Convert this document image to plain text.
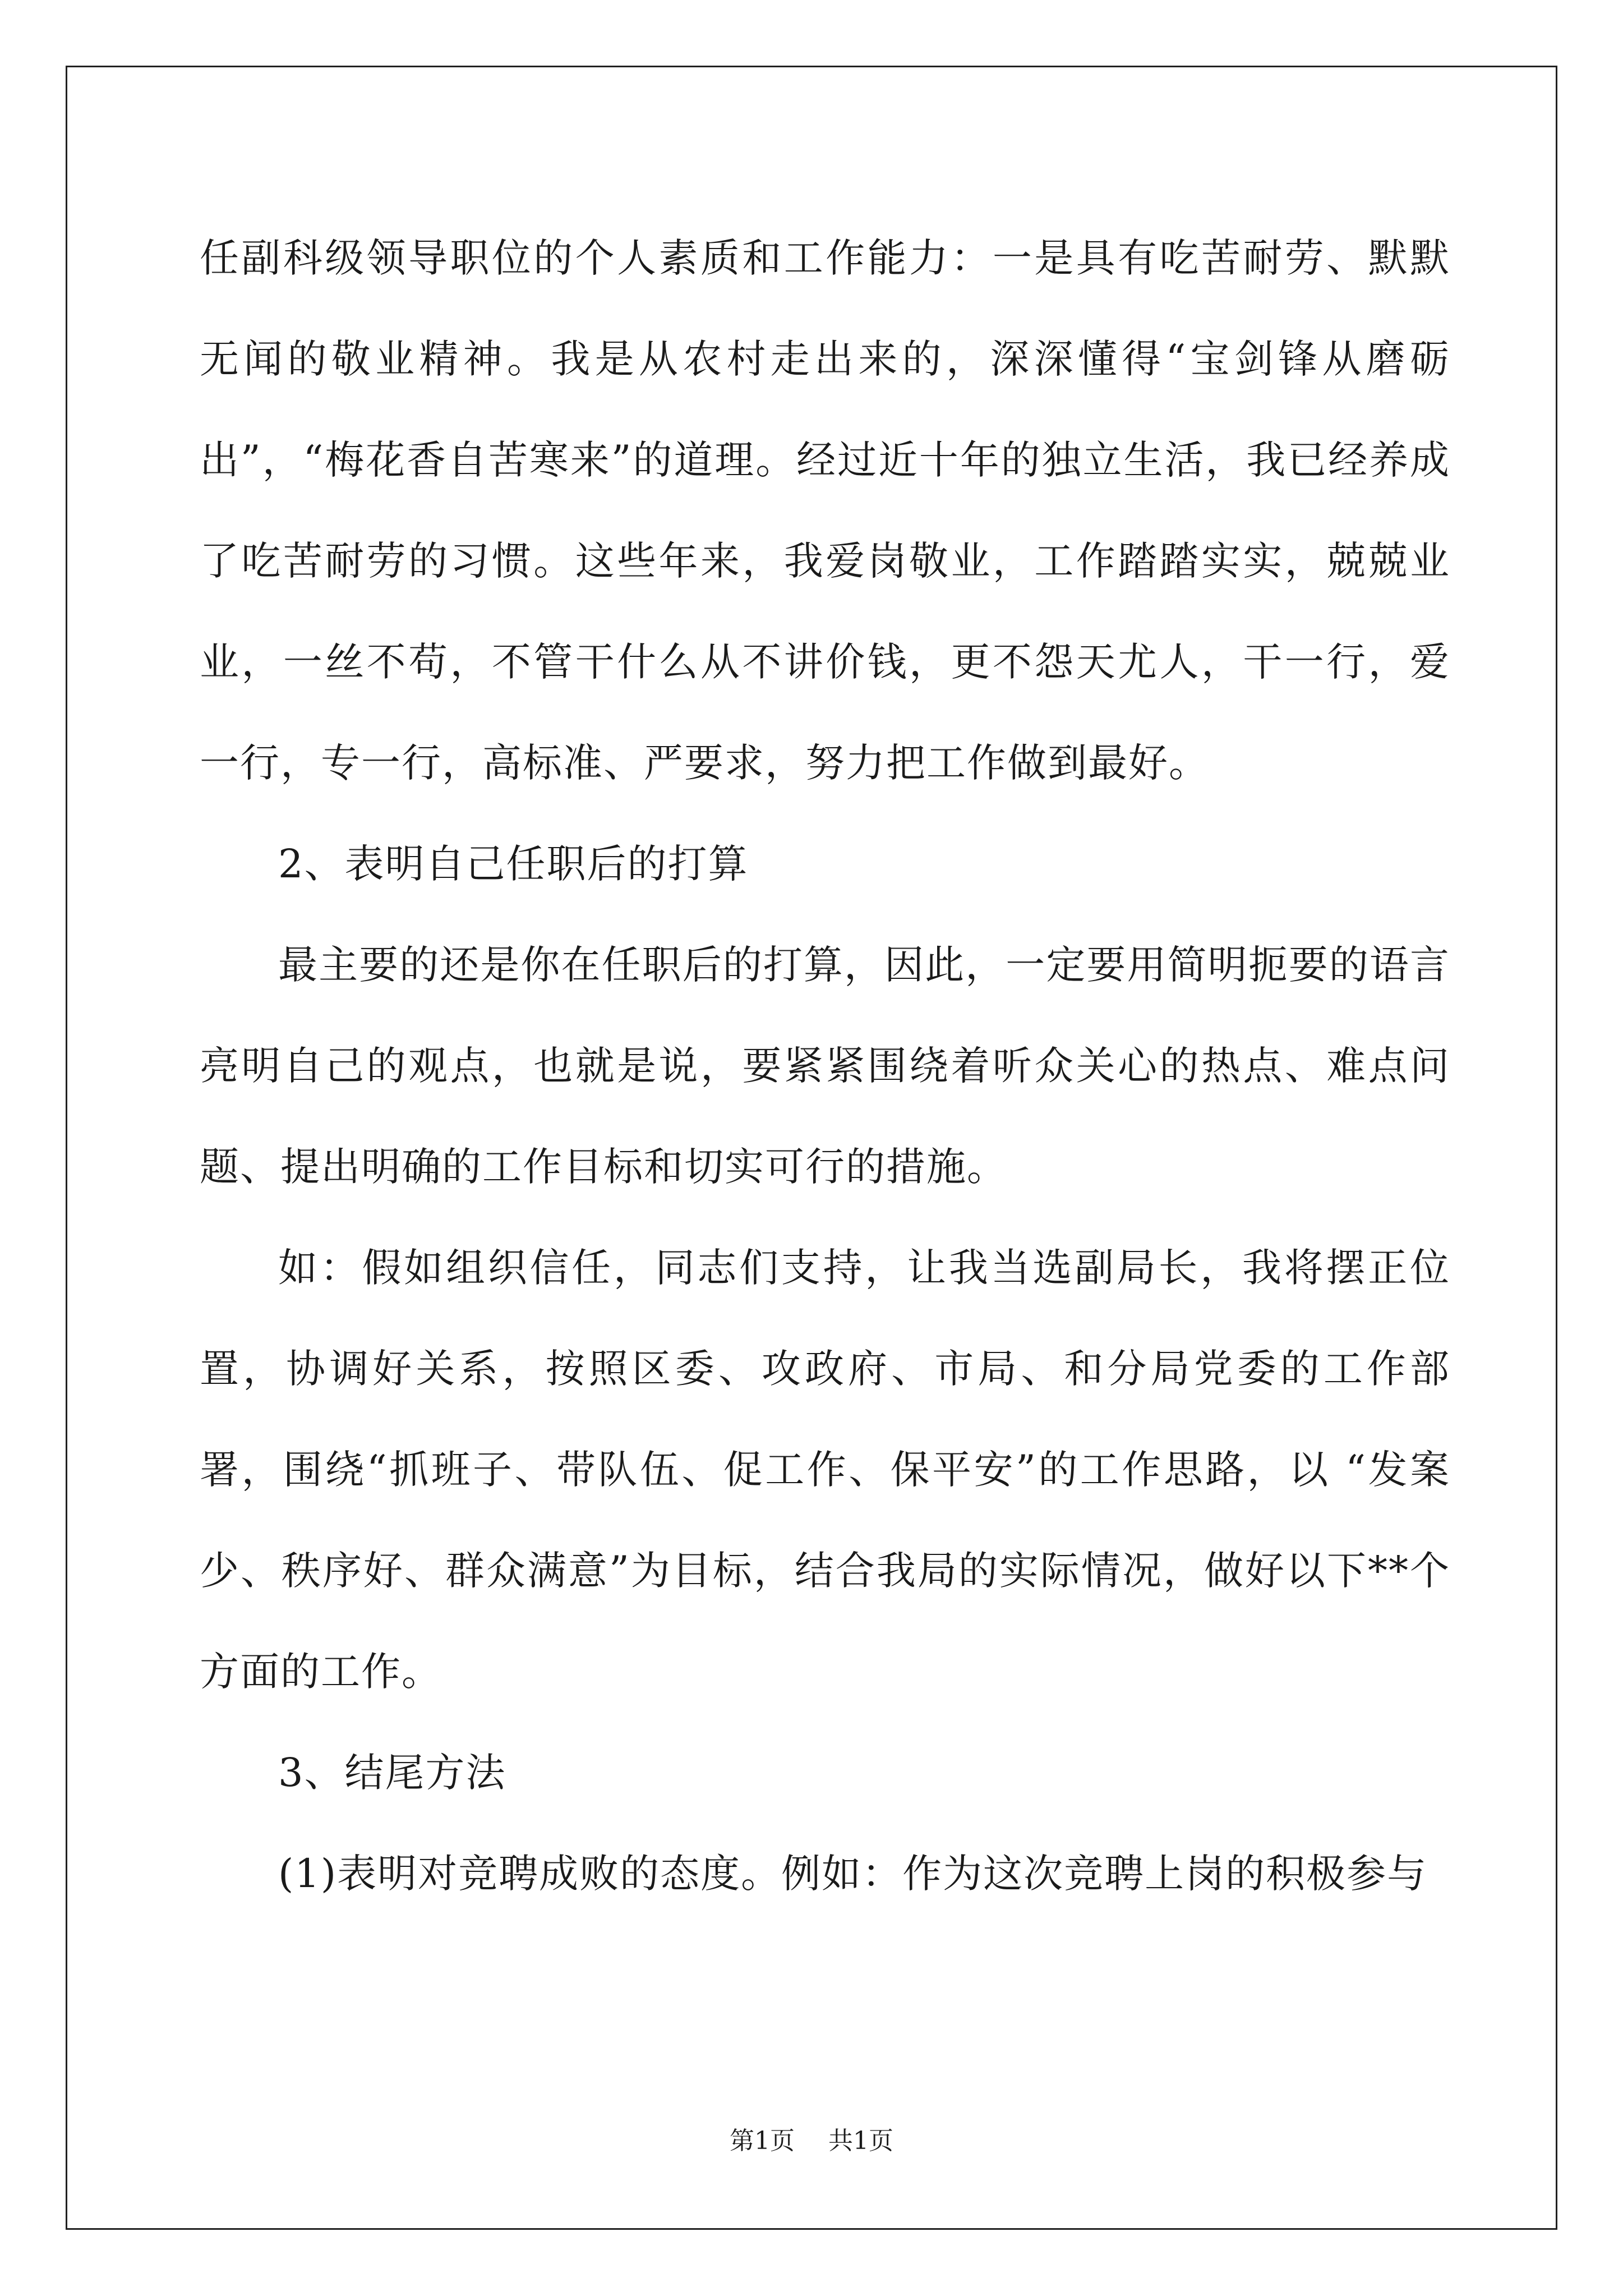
任副科级领导职位的个人素质和工作能力：一是具有吃苦耐劳、默默无闻的敬业精神。我是从农村走出来的，深深懂得“宝剑锋从磨砺出”，“梅花香自苦寒来”的道理。经过近十年的独立生活，我已经养成了吃苦耐劳的习惯。这些年来，我爱岗敬业，工作踏踏实实，兢兢业业，一丝不苟，不管干什么从不讲价钱，更不怨天尤人，干一行，爱一行，专一行，高标准、严要求，努力把工作做到最好。

2、表明自己任职后的打算

最主要的还是你在任职后的打算，因此，一定要用简明扼要的语言亮明自己的观点，也就是说，要紧紧围绕着听众关心的热点、难点问题、提出明确的工作目标和切实可行的措施。

如：假如组织信任，同志们支持，让我当选副局长，我将摆正位置，协调好关系，按照区委、攻政府、市局、和分局党委的工作部署，围绕“抓班子、带队伍、促工作、保平安”的工作思路，以 “发案少、秩序好、群众满意”为目标，结合我局的实际情况，做好以下**个方面的工作。

3、结尾方法

(1)表明对竞聘成败的态度。例如：作为这次竞聘上岗的积极参与

第1页 共1页
